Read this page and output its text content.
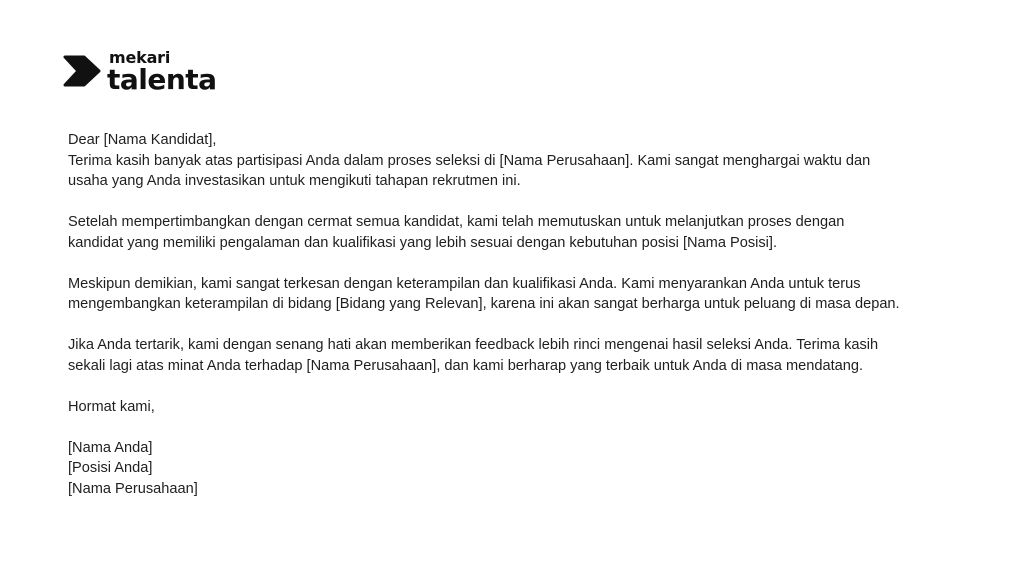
mekari
talenta
Dear [Nama Kandidat],
Terima kasih banyak atas partisipasi Anda dalam proses seleksi di [Nama Perusahaan]. Kami sangat menghargai waktu dan
usaha yang Anda investasikan untuk mengikuti tahapan rekrutmen ini.
Setelah mempertimbangkan dengan cermat semua kandidat, kami telah memutuskan untuk melanjutkan proses dengan
kandidat yang memiliki pengalaman dan kualifikasi yang lebih sesuai dengan kebutuhan posisi [Nama Posisi].
Meskipun demikian, kami sangat terkesan dengan keterampilan dan kualifikasi Anda. Kami menyarankan Anda untuk terus
mengembangkan keterampilan di bidang [Bidang yang Relevan], karena ini akan sangat berharga untuk peluang di masa depan.
Jika Anda tertarik, kami dengan senang hati akan memberikan feedback lebih rinci mengenai hasil seleksi Anda. Terima kasih
sekali lagi atas minat Anda terhadap [Nama Perusahaan], dan kami berharap yang terbaik untuk Anda di masa mendatang.
Hormat kami,
[Nama Anda]
[Posisi Anda]
[Nama Perusahaan]
